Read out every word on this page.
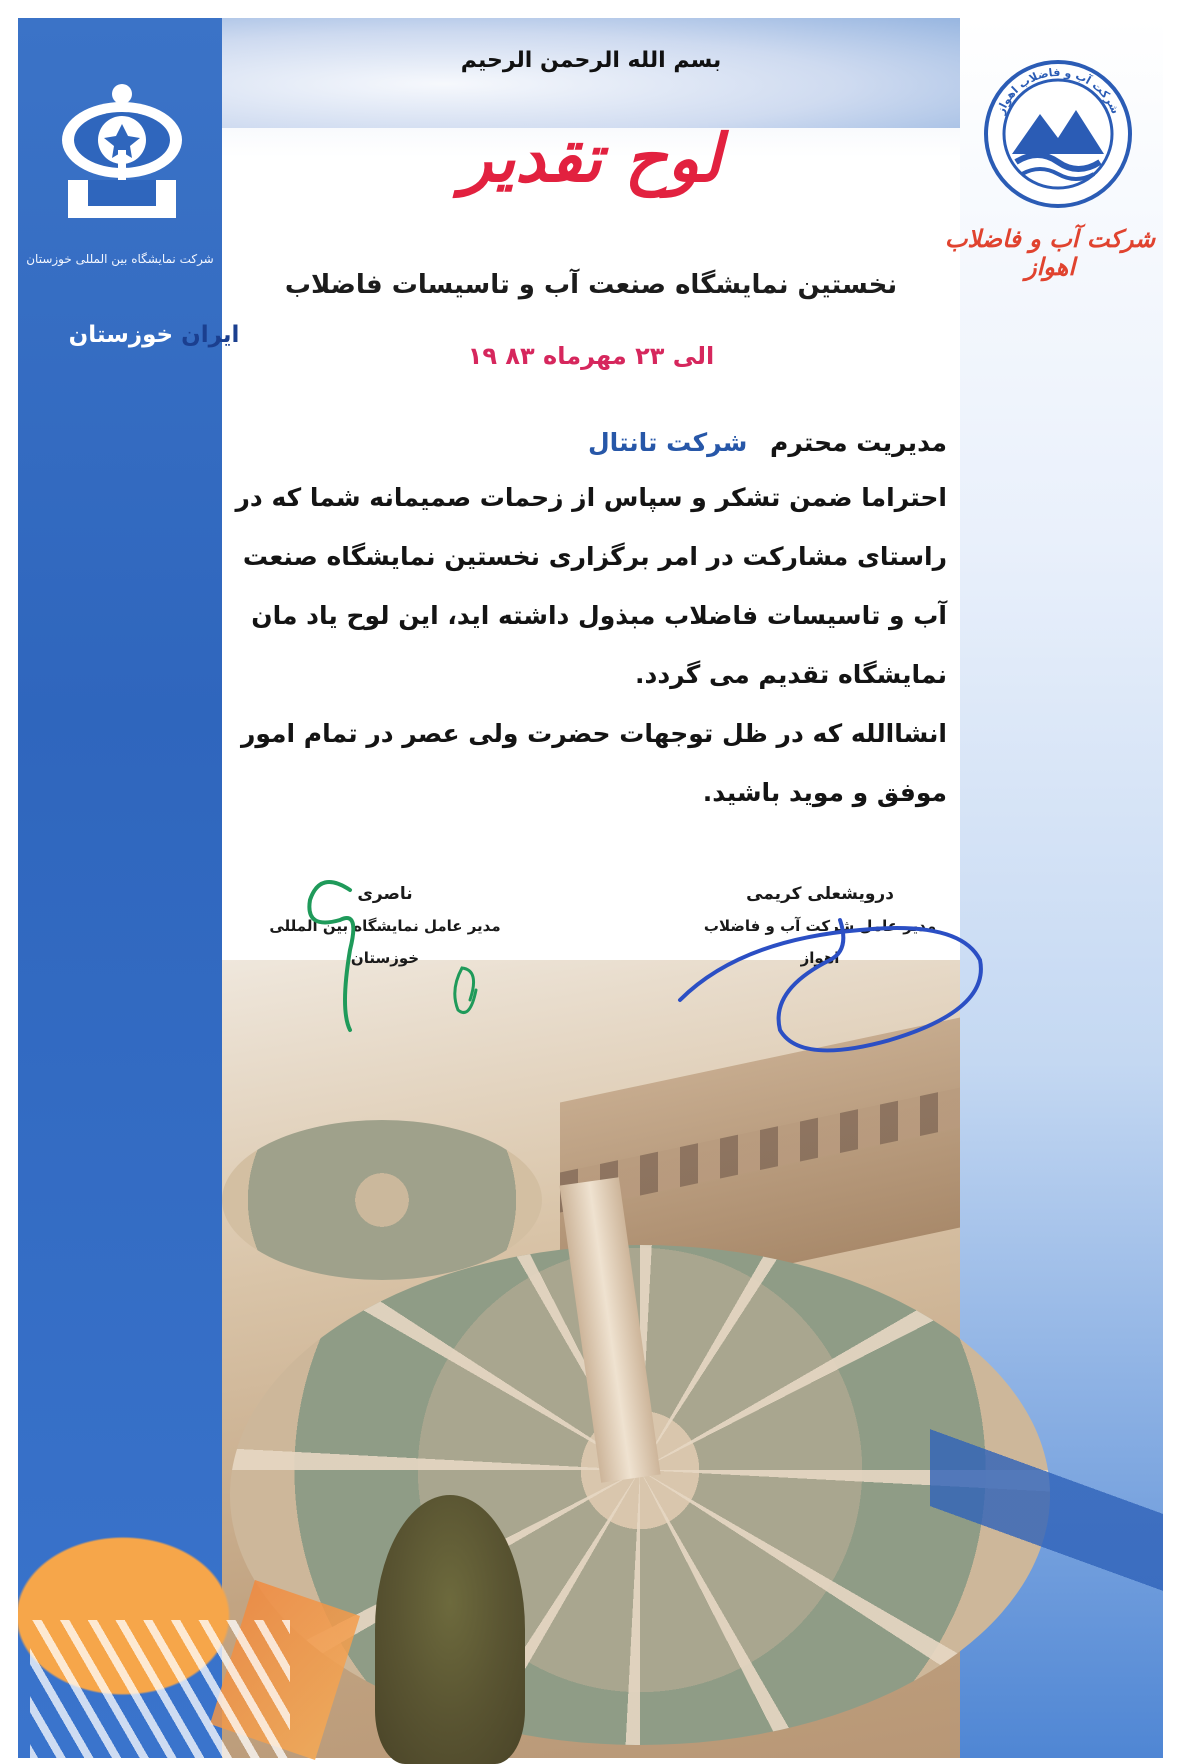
شرکت نمایشگاه بین المللی خوزستان
ایران خوزستان
شرکت آب و فاضلاب اهواز
شرکت آب و فاضلاب اهواز
بسم الله الرحمن الرحيم
لوح تقدیر
نخستین نمایشگاه صنعت آب و تاسیسات فاضلاب
۱۹ الی ۲۳ مهرماه ۸۳

مدیریت محترم شرکت تانتال

احتراما ضمن تشکر و سپاس از زحمات صمیمانه شما که در راستای مشارکت در امر برگزاری نخستین نمایشگاه صنعت آب و تاسیسات فاضلاب مبذول داشته اید، این لوح یاد مان نمایشگاه تقدیم می گردد.

انشاالله که در ظل توجهات حضرت ولی عصر در تمام امور موفق و موید باشید.

ناصری
مدیر عامل نمایشگاه بین المللی
خوزستان
درویشعلی کریمی
مدیر عامل شرکت آب و فاضلاب
اهواز
